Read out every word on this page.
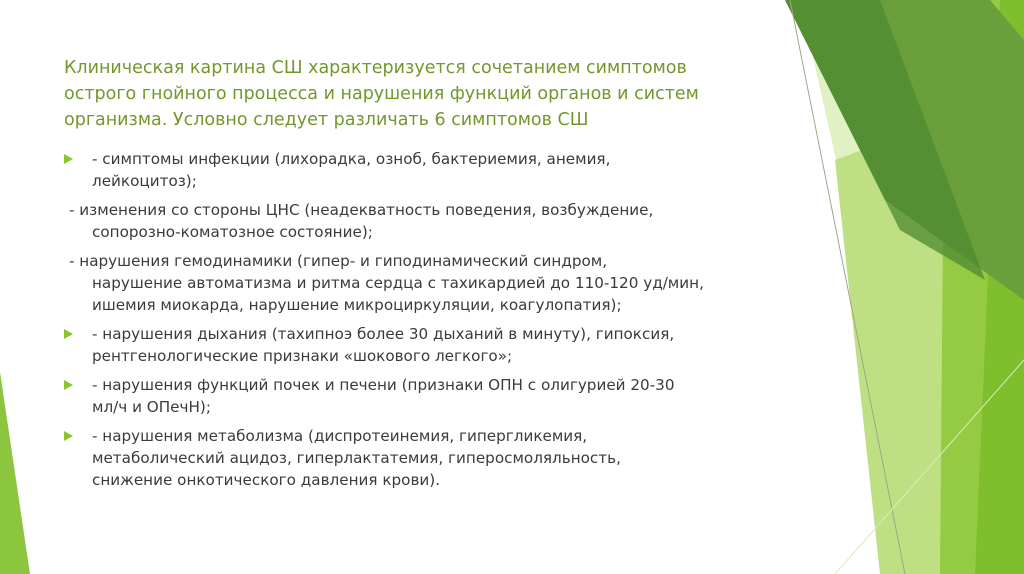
Клиническая картина СШ характеризуется сочетанием симптомов
острого гнойного процесса и нарушения функций органов и систем
организма. Условно следует различать 6 симптомов СШ
- симптомы инфекции (лихорадка, озноб, бактериемия, анемия,
лейкоцитоз);
- изменения со стороны ЦНС (неадекватность поведения, возбуждение,
сопорозно-коматозное состояние);
- нарушения гемодинамики (гипер- и гиподинамический синдром,
нарушение автоматизма и ритма сердца с тахикардией до 110-120 уд/мин,
ишемия миокарда, нарушение микроциркуляции, коагулопатия);
- нарушения дыхания (тахипноэ более 30 дыханий в минуту), гипоксия,
рентгенологические признаки «шокового легкого»;
- нарушения функций почек и печени (признаки ОПН с олигурией 20-30
мл/ч и ОПечН);
- нарушения метаболизма (диспротеинемия, гипергликемия,
метаболический ацидоз, гиперлактатемия, гиперосмоляльность,
снижение онкотического давления крови).
